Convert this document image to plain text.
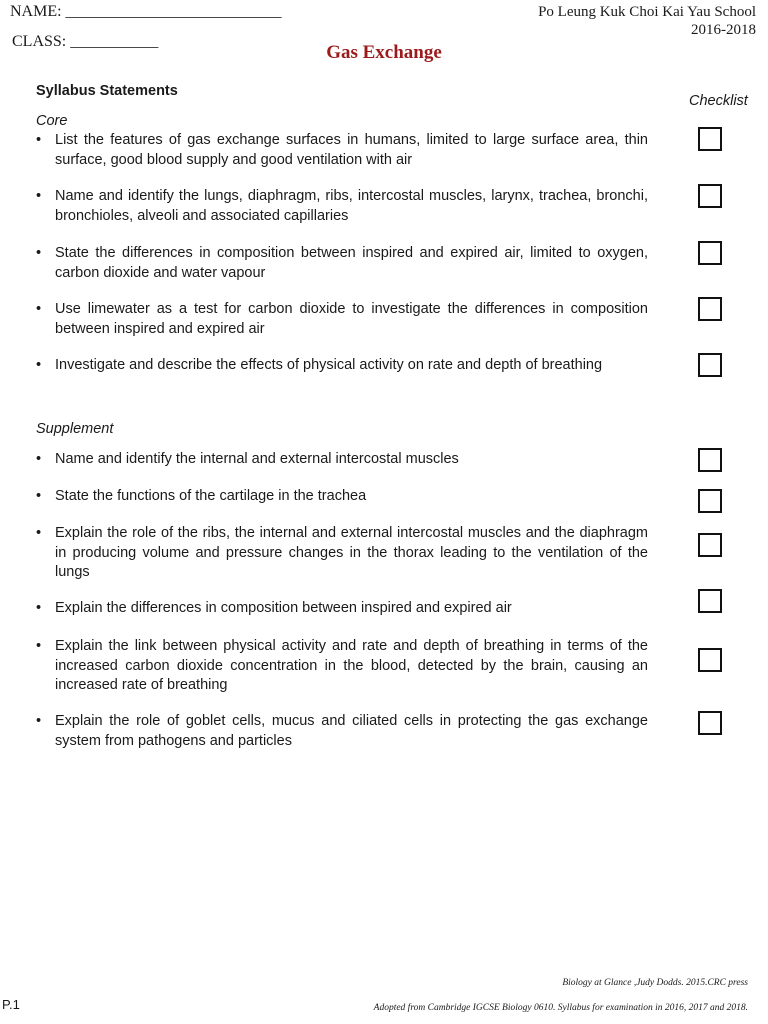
NAME: ___________________________
CLASS: ___________
Po Leung Kuk Choi Kai Yau School
2016-2018
Gas Exchange
Syllabus Statements
Checklist
Core
• List the features of gas exchange surfaces in humans, limited to large surface area, thin surface, good blood supply and good ventilation with air
• Name and identify the lungs, diaphragm, ribs, intercostal muscles, larynx, trachea, bronchi, bronchioles, alveoli and associated capillaries
• State the differences in composition between inspired and expired air, limited to oxygen, carbon dioxide and water vapour
• Use limewater as a test for carbon dioxide to investigate the differences in composition between inspired and expired air
• Investigate and describe the effects of physical activity on rate and depth of breathing
Supplement
• Name and identify the internal and external intercostal muscles
• State the functions of the cartilage in the trachea
• Explain the role of the ribs, the internal and external intercostal muscles and the diaphragm in producing volume and pressure changes in the thorax leading to the ventilation of the lungs
• Explain the differences in composition between inspired and expired air
• Explain the link between physical activity and rate and depth of breathing in terms of the increased carbon dioxide concentration in the blood, detected by the brain, causing an increased rate of breathing
• Explain the role of goblet cells, mucus and ciliated cells in protecting the gas exchange system from pathogens and particles
Biology at Glance ,Judy Dodds. 2015.CRC press
P.1	Adopted from Cambridge IGCSE Biology 0610. Syllabus for examination in 2016, 2017 and 2018.
